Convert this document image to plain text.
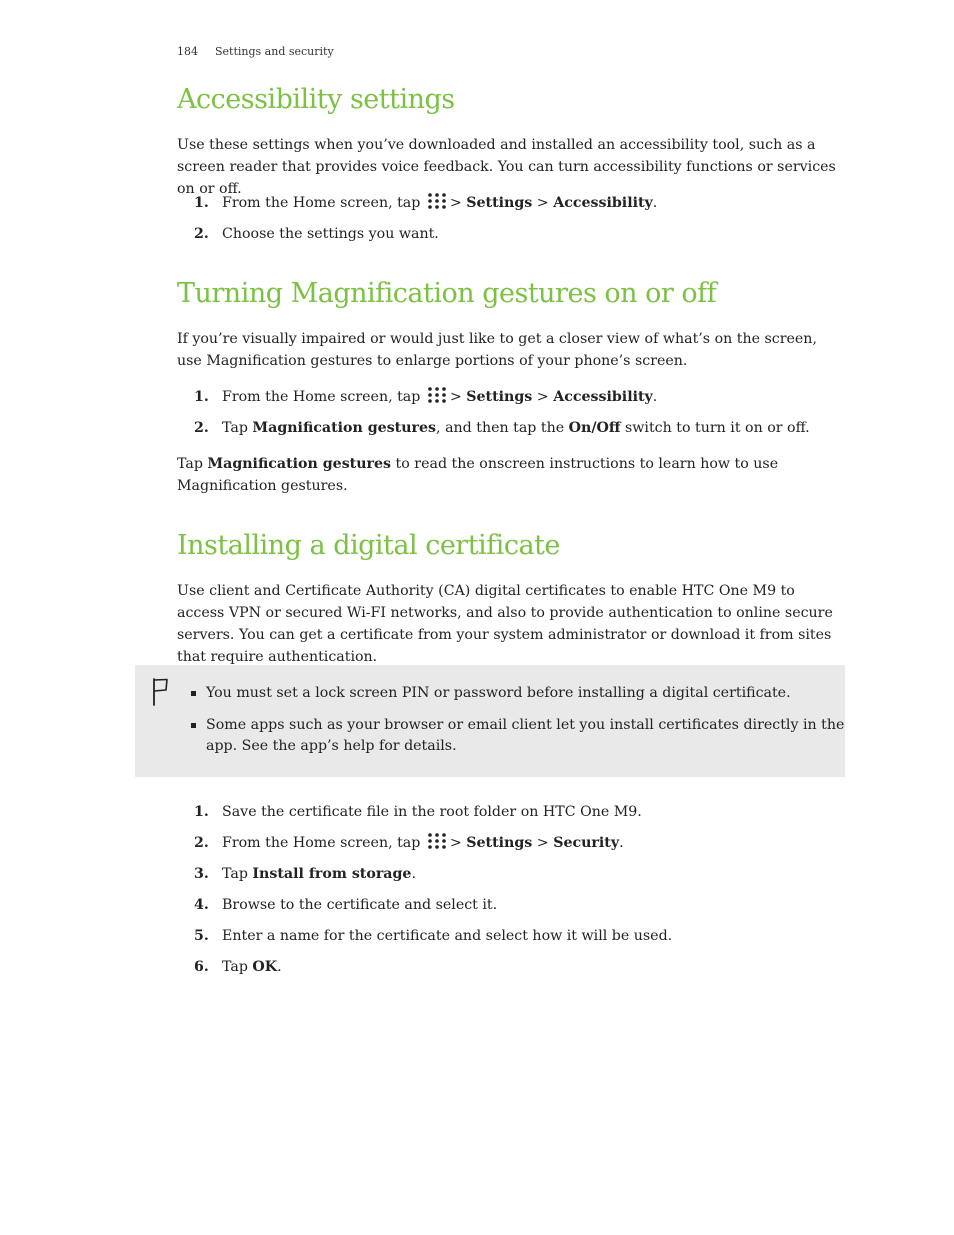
184 Settings and security
Accessibility settings

Use these settings when you’ve downloaded and installed an accessibility tool, such as a screen reader that provides voice feedback. You can turn accessibility functions or services on or off.

1. From the Home screen, tap > Settings > Accessibility.
2. Choose the settings you want.
Turning Magnification gestures on or off

If you’re visually impaired or would just like to get a closer view of what’s on the screen, use Magnification gestures to enlarge portions of your phone’s screen.

1. From the Home screen, tap > Settings > Accessibility.
2. Tap Magnification gestures, and then tap the On/Off switch to turn it on or off.

Tap Magnification gestures to read the onscreen instructions to learn how to use Magnification gestures.

Installing a digital certificate

Use client and Certificate Authority (CA) digital certificates to enable HTC One M9 to access VPN or secured Wi-FI networks, and also to provide authentication to online secure servers. You can get a certificate from your system administrator or download it from sites that require authentication.

You must set a lock screen PIN or password before installing a digital certificate.
Some apps such as your browser or email client let you install certificates directly in the app. See the app’s help for details.
1. Save the certificate file in the root folder on HTC One M9.
2. From the Home screen, tap > Settings > Security.
3. Tap Install from storage.
4. Browse to the certificate and select it.
5. Enter a name for the certificate and select how it will be used.
6. Tap OK.
